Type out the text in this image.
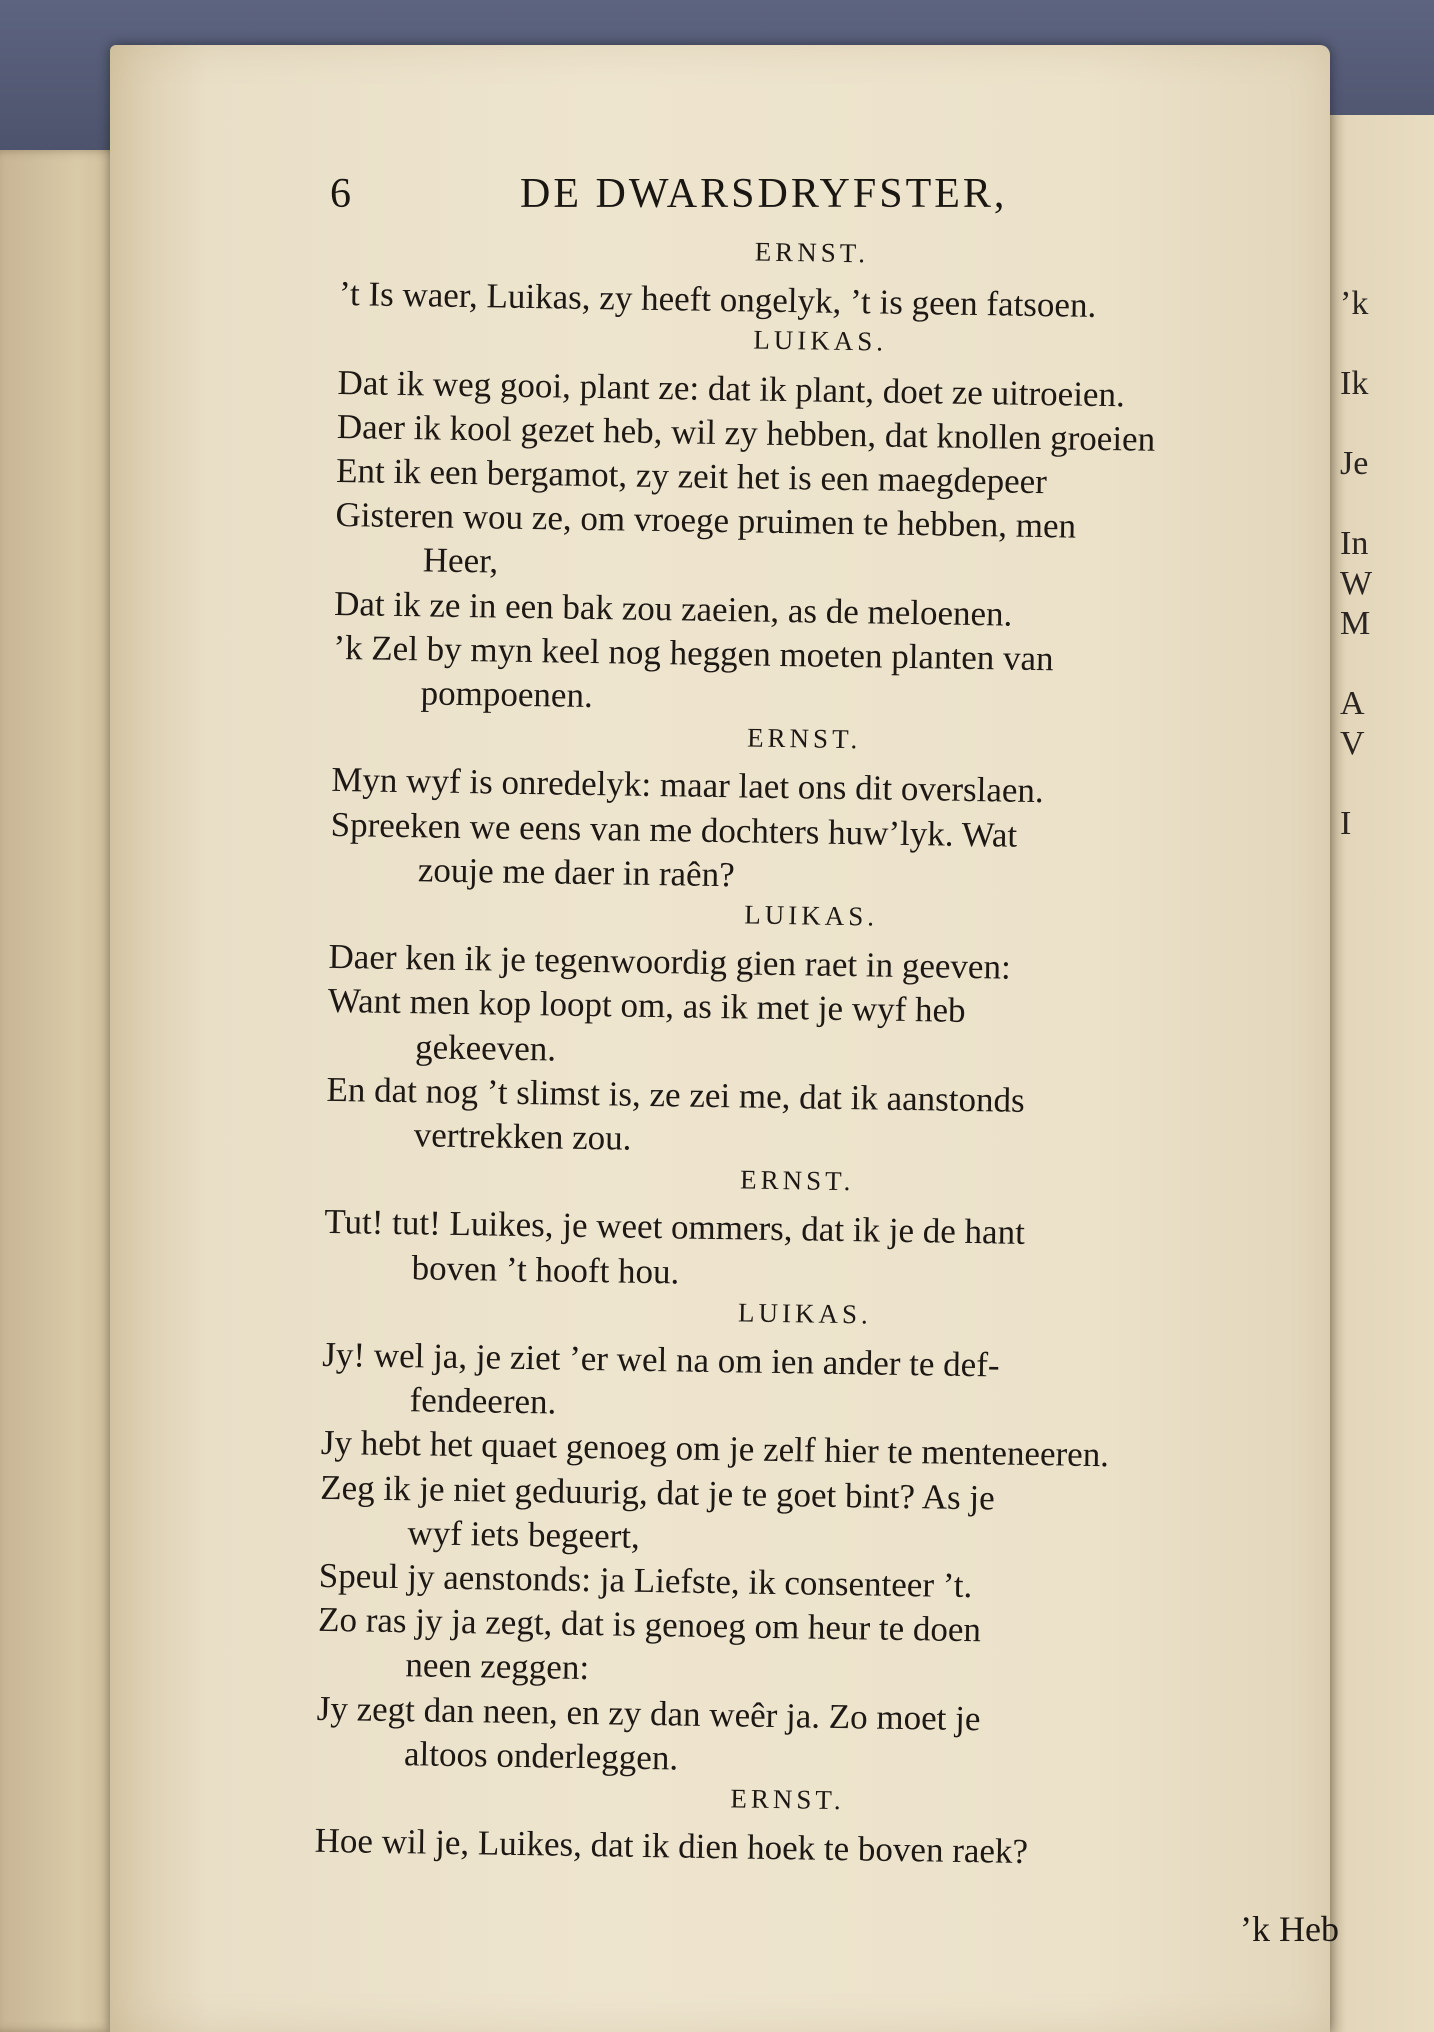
’k
Ik
Je
In
W
M
A
V
I
6	DE DWARSDRYFSTER,
ERNST.
’t Is waer, Luikas, zy heeft ongelyk, ’t is geen fatsoen.
LUIKAS.
Dat ik weg gooi, plant ze: dat ik plant, doet ze uitroeien.
Daer ik kool gezet heb, wil zy hebben, dat knollen groeien
Ent ik een bergamot, zy zeit het is een maegdepeer
Gisteren wou ze, om vroege pruimen te hebben, men
Heer,
Dat ik ze in een bak zou zaeien, as de meloenen.
’k Zel by myn keel nog heggen moeten planten van
pompoenen.
ERNST.
Myn wyf is onredelyk: maar laet ons dit overslaen.
Spreeken we eens van me dochters huw’lyk. Wat
zouje me daer in raên?
LUIKAS.
Daer ken ik je tegenwoordig gien raet in geeven:
Want men kop loopt om, as ik met je wyf heb
gekeeven.
En dat nog ’t slimst is, ze zei me, dat ik aanstonds
vertrekken zou.
ERNST.
Tut! tut! Luikes, je weet ommers, dat ik je de hant
boven ’t hooft hou.
LUIKAS.
Jy! wel ja, je ziet ’er wel na om ien ander te def-
fendeeren.
Jy hebt het quaet genoeg om je zelf hier te menteneeren.
Zeg ik je niet geduurig, dat je te goet bint? As je
wyf iets begeert,
Speul jy aenstonds: ja Liefste, ik consenteer ’t.
Zo ras jy ja zegt, dat is genoeg om heur te doen
neen zeggen:
Jy zegt dan neen, en zy dan weêr ja. Zo moet je
altoos onderleggen.
ERNST.
Hoe wil je, Luikes, dat ik dien hoek te boven raek?
’k Heb
